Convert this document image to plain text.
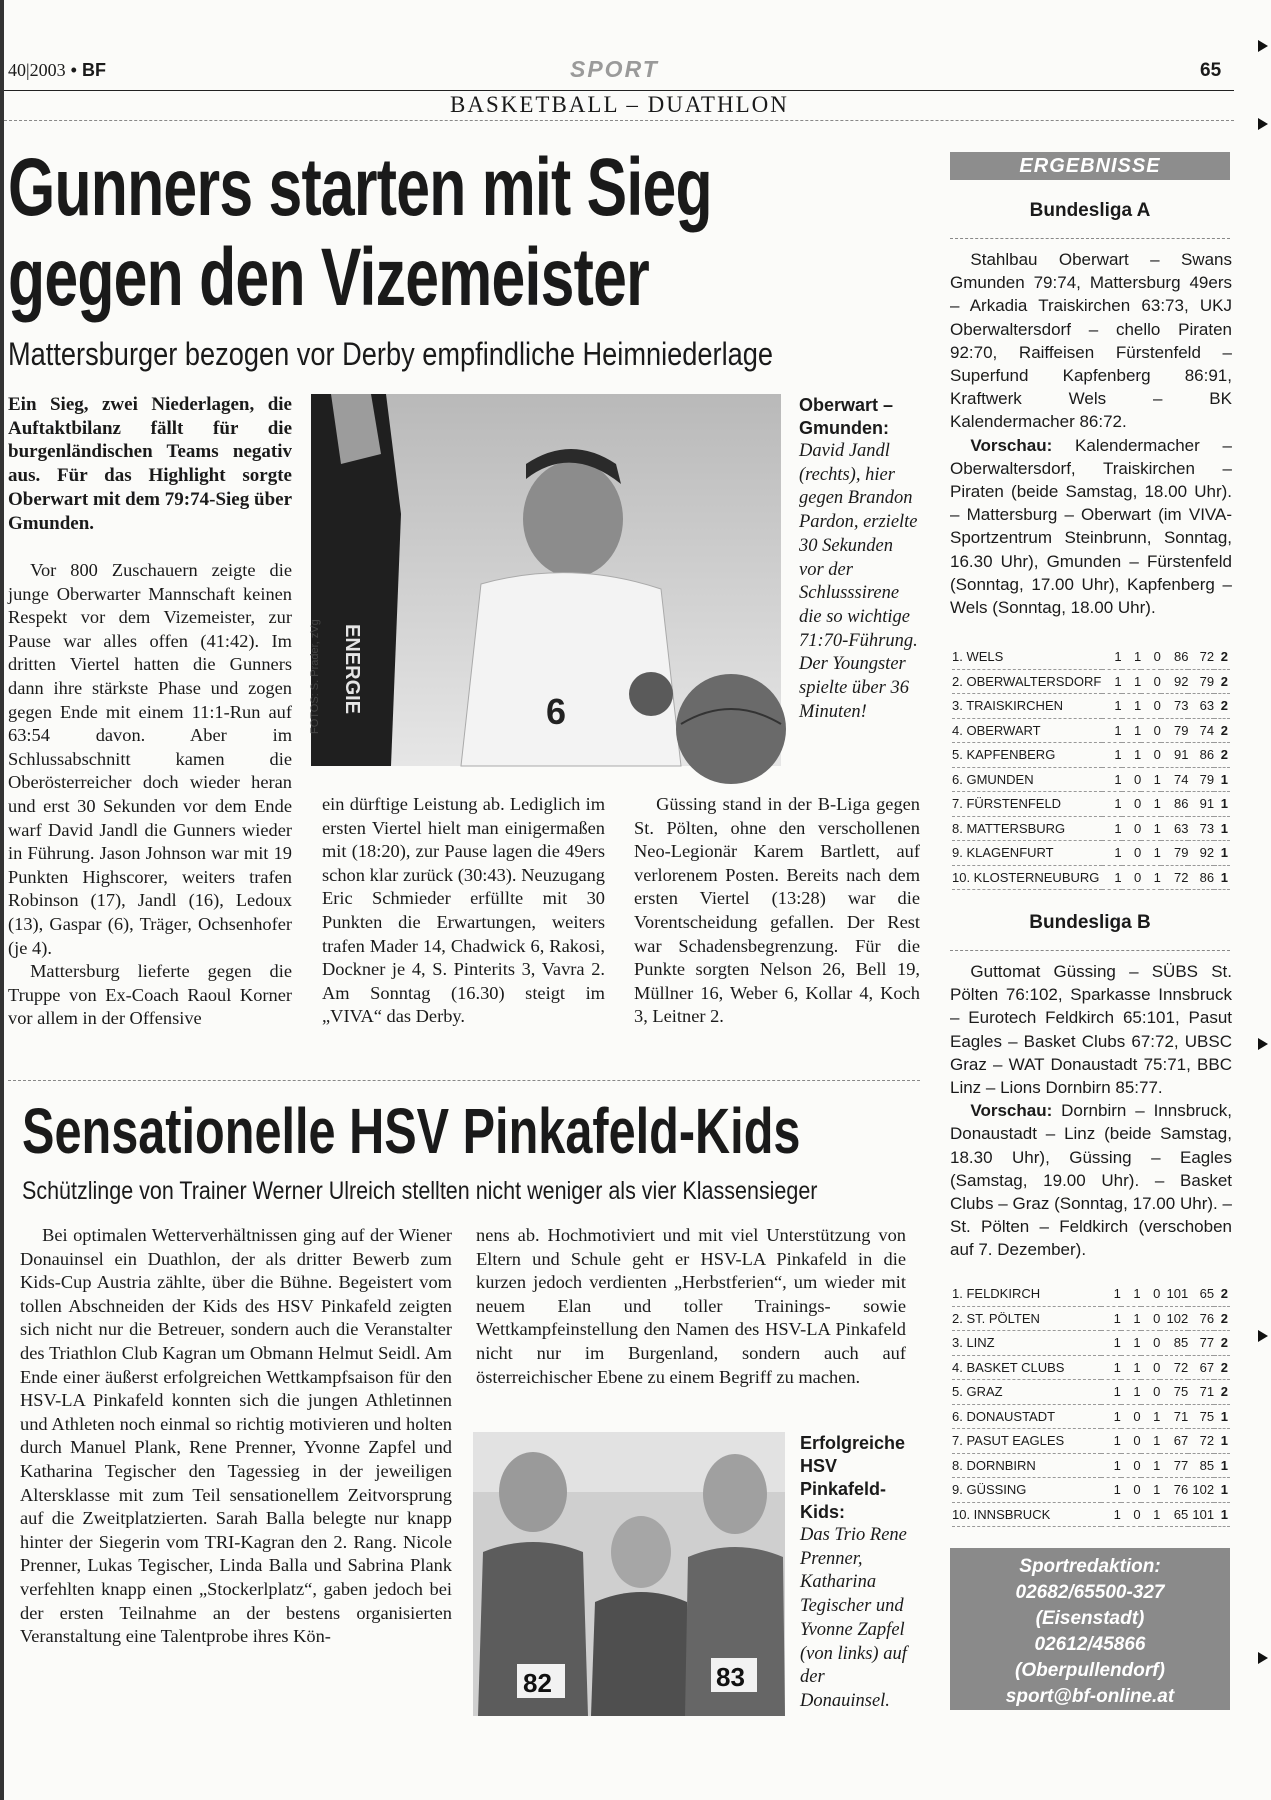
40|2003 • BF	SPORT	65
BASKETBALL – DUATHLON
Gunners starten mit Sieg
gegen den Vizemeister
Mattersburger bezogen vor Derby empfindliche Heimniederlage

Ein Sieg, zwei Niederlagen, die Auftaktbilanz fällt für die burgenländischen Teams negativ aus. Für das Highlight sorgte Oberwart mit dem 79:74-Sieg über Gmunden.

Vor 800 Zuschauern zeigte die junge Oberwarter Mannschaft keinen Respekt vor dem Vizemeister, zur Pause war alles offen (41:42). Im dritten Viertel hatten die Gunners dann ihre stärkste Phase und zogen gegen Ende mit einem 11:1-Run auf 63:54 davon. Aber im Schlussabschnitt kamen die Oberösterreicher doch wieder heran und erst 30 Sekunden vor dem Ende warf David Jandl die Gunners wieder in Führung. Jason Johnson war mit 19 Punkten Highscorer, weiters trafen Robinson (17), Jandl (16), Ledoux (13), Gaspar (6), Träger, Ochsenhofer (je 4).

Mattersburg lieferte gegen die Truppe von Ex-Coach Raoul Korner vor allem in der Offensive

ENERGIE	6
FOTOS: S. Prader, zVg
Oberwart – Gmunden:
David Jandl (rechts), hier gegen Brandon Pardon, erzielte 30 Sekunden vor der Schlusssirene die so wichtige 71:70-Führung. Der Youngster spielte über 36 Minuten!

ein dürftige Leistung ab. Lediglich im ersten Viertel hielt man einigermaßen mit (18:20), zur Pause lagen die 49ers schon klar zurück (30:43). Neuzugang Eric Schmieder erfüllte mit 30 Punkten die Erwartungen, weiters trafen Mader 14, Chadwick 6, Rakosi, Dockner je 4, S. Pinterits 3, Vavra 2. Am Sonntag (16.30) steigt im „VIVA“ das Derby.

Güssing stand in der B-Liga gegen St. Pölten, ohne den verschollenen Neo-Legionär Karem Bartlett, auf verlorenem Posten. Bereits nach dem ersten Viertel (13:28) war die Vorentscheidung gefallen. Der Rest war Schadensbegrenzung. Für die Punkte sorgten Nelson 26, Bell 19, Müllner 16, Weber 6, Kollar 4, Koch 3, Leitner 2.

Sensationelle HSV Pinkafeld-Kids
Schützlinge von Trainer Werner Ulreich stellten nicht weniger als vier Klassensieger

Bei optimalen Wetterverhältnissen ging auf der Wiener Donauinsel ein Duathlon, der als dritter Bewerb zum Kids-Cup Austria zählte, über die Bühne. Begeistert vom tollen Abschneiden der Kids des HSV Pinkafeld zeigten sich nicht nur die Betreuer, sondern auch die Veranstalter des Triathlon Club Kagran um Obmann Helmut Seidl. Am Ende einer äußerst erfolgreichen Wettkampfsaison für den HSV-LA Pinkafeld konnten sich die jungen Athletinnen und Athleten noch einmal so richtig motivieren und holten durch Manuel Plank, Rene Prenner, Yvonne Zapfel und Katharina Tegischer den Tagessieg in der jeweiligen Altersklasse mit zum Teil sensationellem Zeitvorsprung auf die Zweitplatzierten. Sarah Balla belegte nur knapp hinter der Siegerin vom TRI-Kagran den 2. Rang. Nicole Prenner, Lukas Tegischer, Linda Balla und Sabrina Plank verfehlten knapp einen „Stockerlplatz“, gaben jedoch bei der ersten Teilnahme an der bestens organisierten Veranstaltung eine Talentprobe ihres Kön-

nens ab. Hochmotiviert und mit viel Unterstützung von Eltern und Schule geht er HSV-LA Pinkafeld in die kurzen jedoch verdienten „Herbstferien“, um wieder mit neuem Elan und toller Trainings- sowie Wettkampfeinstellung den Namen des HSV-LA Pinkafeld nicht nur im Burgenland, sondern auch auf österreichischer Ebene zu einem Begriff zu machen.

82	83
Erfolgreiche HSV Pinkafeld-Kids:
Das Trio Rene Prenner, Katharina Tegischer und Yvonne Zapfel (von links) auf der Donauinsel.
ERGEBNISSE
Bundesliga A

Stahlbau Oberwart – Swans Gmunden 79:74, Mattersburg 49ers – Arkadia Traiskirchen 63:73, UKJ Oberwaltersdorf – chello Piraten 92:70, Raiffeisen Fürstenfeld – Superfund Kapfenberg 86:91, Kraftwerk Wels – BK Kalendermacher 86:72.

Vorschau: Kalendermacher – Oberwaltersdorf, Traiskirchen – Piraten (beide Samstag, 18.00 Uhr). – Mattersburg – Oberwart (im VIVA-Sportzentrum Steinbrunn, Sonntag, 16.30 Uhr), Gmunden – Fürstenfeld (Sonntag, 17.00 Uhr), Kapfenberg – Wels (Sonntag, 18.00 Uhr).

1. WELS	1	1	0	86	72	2
2. OBERWALTERSDORF	1	1	0	92	79	2
3. TRAISKIRCHEN	1	1	0	73	63	2
4. OBERWART	1	1	0	79	74	2
5. KAPFENBERG	1	1	0	91	86	2
6. GMUNDEN	1	0	1	74	79	1
7. FÜRSTENFELD	1	0	1	86	91	1
8. MATTERSBURG	1	0	1	63	73	1
9. KLAGENFURT	1	0	1	79	92	1
10. KLOSTERNEUBURG	1	0	1	72	86	1
Bundesliga B

Guttomat Güssing – SÜBS St. Pölten 76:102, Sparkasse Innsbruck – Eurotech Feldkirch 65:101, Pasut Eagles – Basket Clubs 67:72, UBSC Graz – WAT Donaustadt 75:71, BBC Linz – Lions Dornbirn 85:77.

Vorschau: Dornbirn – Innsbruck, Donaustadt – Linz (beide Samstag, 18.30 Uhr), Güssing – Eagles (Samstag, 19.00 Uhr). – Basket Clubs – Graz (Sonntag, 17.00 Uhr). – St. Pölten – Feldkirch (verschoben auf 7. Dezember).

1. FELDKIRCH	1	1	0	101	65	2
2. ST. PÖLTEN	1	1	0	102	76	2
3. LINZ	1	1	0	85	77	2
4. BASKET CLUBS	1	1	0	72	67	2
5. GRAZ	1	1	0	75	71	2
6. DONAUSTADT	1	0	1	71	75	1
7. PASUT EAGLES	1	0	1	67	72	1
8. DORNBIRN	1	0	1	77	85	1
9. GÜSSING	1	0	1	76	102	1
10. INNSBRUCK	1	0	1	65	101	1
Sportredaktion:
02682/65500-327
(Eisenstadt)
02612/45866
(Oberpullendorf)
sport@bf-online.at
